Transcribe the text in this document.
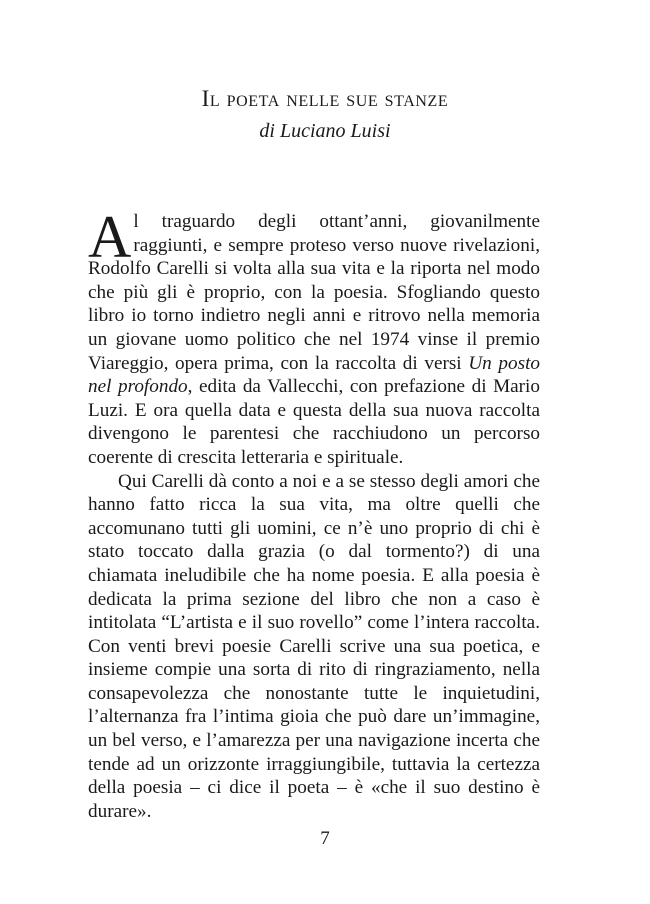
Il poeta nelle sue stanze
di Luciano Luisi

Al traguardo degli ottant’anni, giovanilmente raggiunti, e sempre proteso verso nuove rivelazioni, Rodolfo Carelli si volta alla sua vita e la riporta nel modo che più gli è proprio, con la poesia. Sfogliando questo libro io torno indietro negli anni e ritrovo nella memoria un giovane uomo politico che nel 1974 vinse il premio Viareggio, opera prima, con la raccolta di versi Un posto nel profondo, edita da Vallecchi, con prefazione di Mario Luzi. E ora quella data e questa della sua nuova raccolta divengono le parentesi che racchiudono un percorso coerente di crescita letteraria e spirituale.

Qui Carelli dà conto a noi e a se stesso degli amori che hanno fatto ricca la sua vita, ma oltre quelli che accomunano tutti gli uomini, ce n’è uno proprio di chi è stato toccato dalla grazia (o dal tormento?) di una chiamata ineludibile che ha nome poesia. E alla poesia è dedicata la prima sezione del libro che non a caso è intitolata “L’artista e il suo rovello” come l’intera raccolta. Con venti brevi poesie Carelli scrive una sua poetica, e insieme compie una sorta di rito di ringraziamento, nella consapevolezza che nonostante tutte le inquietudini, l’alternanza fra l’intima gioia che può dare un’immagine, un bel verso, e l’amarezza per una navigazione incerta che tende ad un orizzonte irraggiungibile, tuttavia la certezza della poesia – ci dice il poeta – è «che il suo destino è durare».

7
